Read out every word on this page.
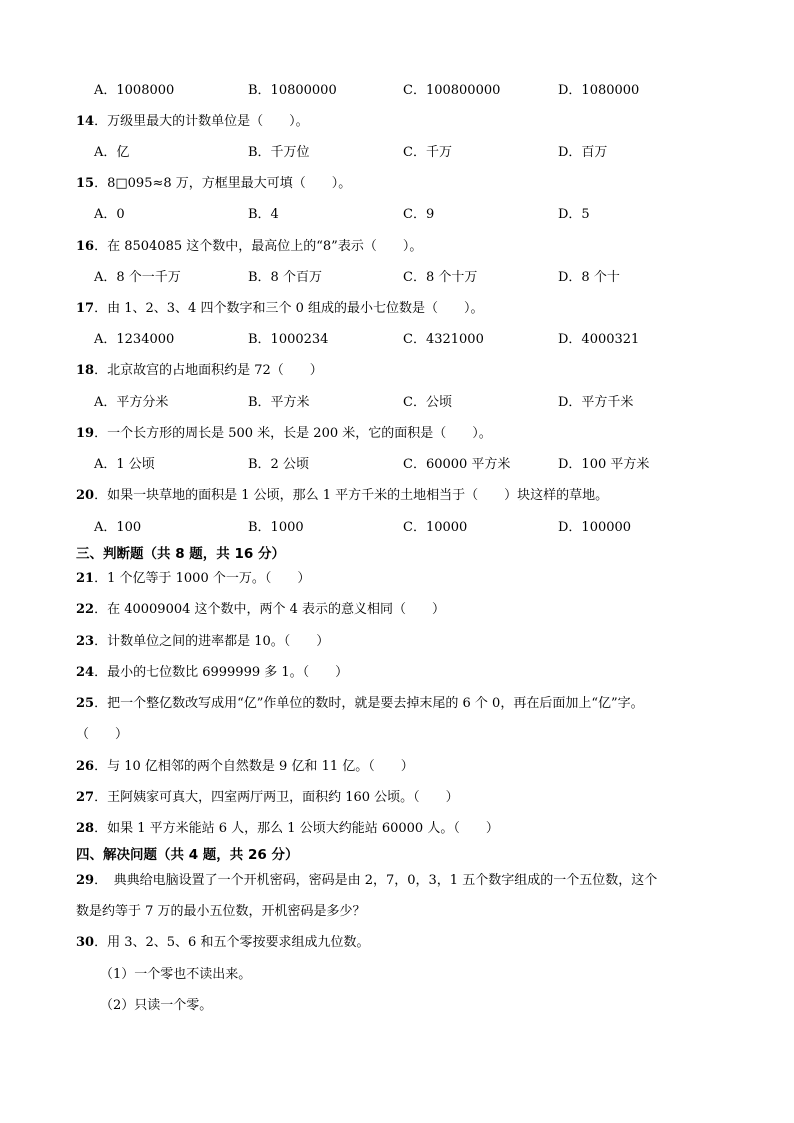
A．1008000	B．10800000	C．100800000	D．1080000
14．万级里最大的计数单位是（　　）。
A．亿	B．千万位	C．千万	D．百万
15．8□095≈8 万，方框里最大可填（　　）。
A．0	B．4	C．9	D．5
16．在 8504085 这个数中，最高位上的“8”表示（　　）。
A．8 个一千万	B．8 个百万	C．8 个十万	D．8 个十
17．由 1、2、3、4 四个数字和三个 0 组成的最小七位数是（　　）。
A．1234000	B．1000234	C．4321000	D．4000321
18．北京故宫的占地面积约是 72（　　）
A．平方分米	B．平方米	C．公顷	D．平方千米
19．一个长方形的周长是 500 米，长是 200 米，它的面积是（　　）。
A．1 公顷	B．2 公顷	C．60000 平方米	D．100 平方米
20．如果一块草地的面积是 1 公顷，那么 1 平方千米的土地相当于（　　）块这样的草地。
A．100	B．1000	C．10000	D．100000
三、判断题（共 8 题，共 16 分）
21．1 个亿等于 1000 个一万。（　　）
22．在 40009004 这个数中，两个 4 表示的意义相同（　　）
23．计数单位之间的进率都是 10。（　　）
24．最小的七位数比 6999999 多 1。（　　）
25．把一个整亿数改写成用“亿”作单位的数时，就是要去掉末尾的 6 个 0，再在后面加上“亿”字。
（　　）
26．与 10 亿相邻的两个自然数是 9 亿和 11 亿。（　　）
27．王阿姨家可真大，四室两厅两卫，面积约 160 公顷。（　　）
28．如果 1 平方米能站 6 人，那么 1 公顷大约能站 60000 人。（　　）
四、解决问题（共 4 题，共 26 分）
29．　典典给电脑设置了一个开机密码，密码是由 2，7，0，3，1 五个数字组成的一个五位数，这个
数是约等于 7 万的最小五位数，开机密码是多少？
30．用 3、2、5、6 和五个零按要求组成九位数。
（1）一个零也不读出来。
（2）只读一个零。
